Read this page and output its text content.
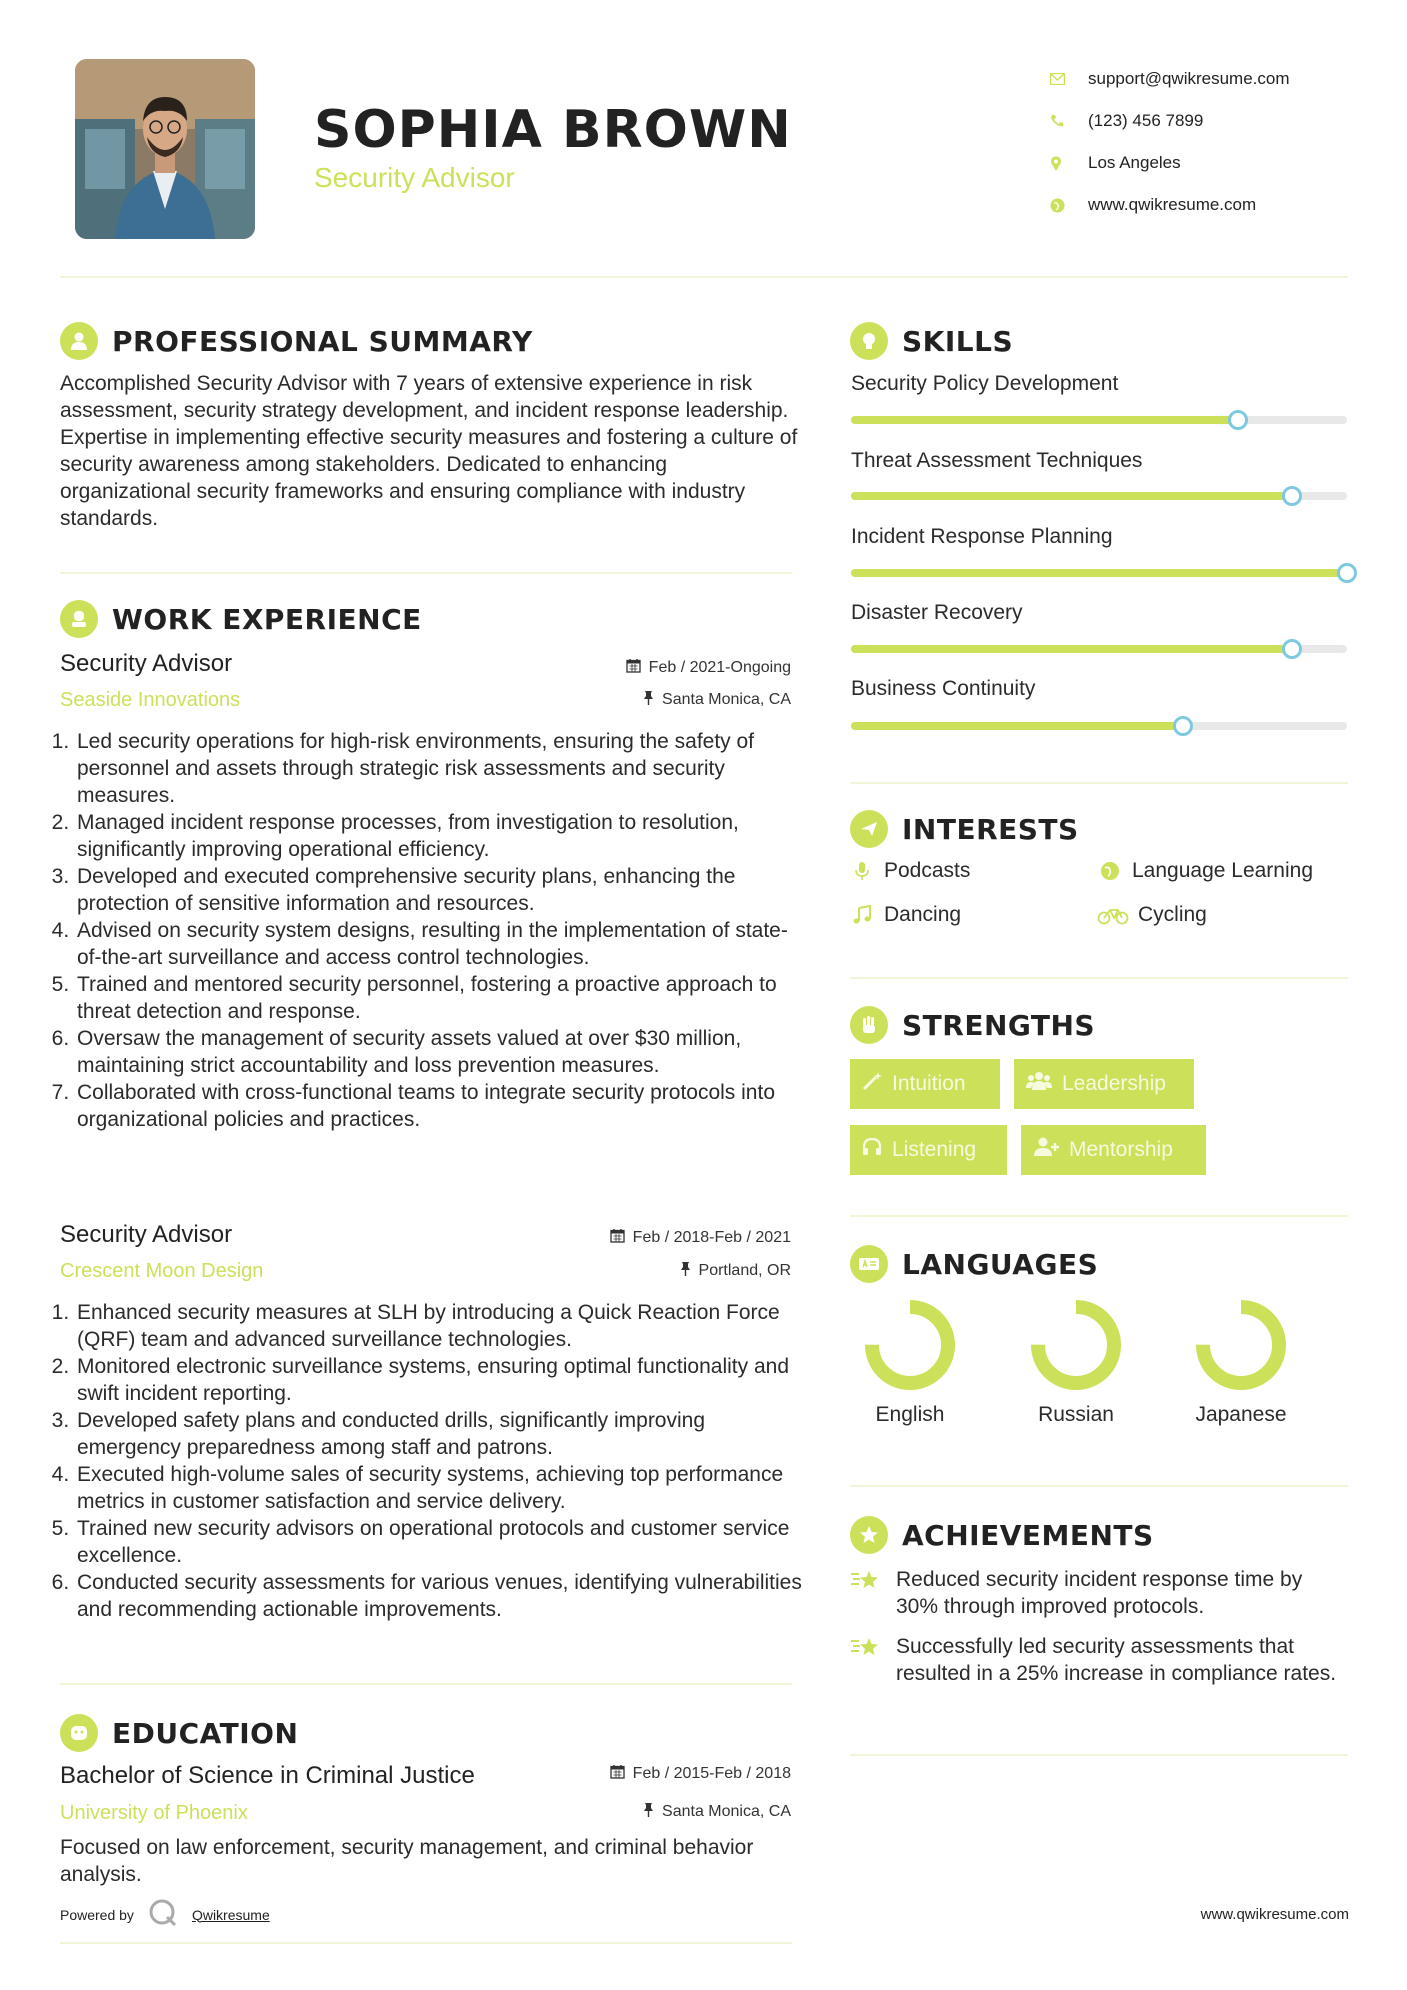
SOPHIA BROWN
Security Advisor
support@qwikresume.com
(123) 456 7899
Los Angeles
www.qwikresume.com
PROFESSIONAL SUMMARY
Accomplished Security Advisor with 7 years of extensive experience in risk assessment, security strategy development, and incident response leadership. Expertise in implementing effective security measures and fostering a culture of security awareness among stakeholders. Dedicated to enhancing organizational security frameworks and ensuring compliance with industry standards.
WORK EXPERIENCE
Security Advisor
Seaside Innovations
Feb / 2021-Ongoing
Santa Monica, CA
1. Led security operations for high-risk environments, ensuring the safety of personnel and assets through strategic risk assessments and security measures.
2. Managed incident response processes, from investigation to resolution, significantly improving operational efficiency.
3. Developed and executed comprehensive security plans, enhancing the protection of sensitive information and resources.
4. Advised on security system designs, resulting in the implementation of state-of-the-art surveillance and access control technologies.
5. Trained and mentored security personnel, fostering a proactive approach to threat detection and response.
6. Oversaw the management of security assets valued at over $30 million, maintaining strict accountability and loss prevention measures.
7. Collaborated with cross-functional teams to integrate security protocols into organizational policies and practices.
Security Advisor
Crescent Moon Design
Feb / 2018-Feb / 2021
Portland, OR
1. Enhanced security measures at SLH by introducing a Quick Reaction Force (QRF) team and advanced surveillance technologies.
2. Monitored electronic surveillance systems, ensuring optimal functionality and swift incident reporting.
3. Developed safety plans and conducted drills, significantly improving emergency preparedness among staff and patrons.
4. Executed high-volume sales of security systems, achieving top performance metrics in customer satisfaction and service delivery.
5. Trained new security advisors on operational protocols and customer service excellence.
6. Conducted security assessments for various venues, identifying vulnerabilities and recommending actionable improvements.
EDUCATION
Bachelor of Science in Criminal Justice
University of Phoenix
Feb / 2015-Feb / 2018
Santa Monica, CA
Focused on law enforcement, security management, and criminal behavior analysis.
Powered by	Qwikresume	www.qwikresume.com
SKILLS
Security Policy Development
Threat Assessment Techniques
Incident Response Planning
Disaster Recovery
Business Continuity
INTERESTS
Podcasts	Language Learning
Dancing	Cycling
STRENGTHS
Intuition	Leadership
Listening	Mentorship
LANGUAGES
English	Russian	Japanese
ACHIEVEMENTS
Reduced security incident response time by 30% through improved protocols.
Successfully led security assessments that resulted in a 25% increase in compliance rates.
